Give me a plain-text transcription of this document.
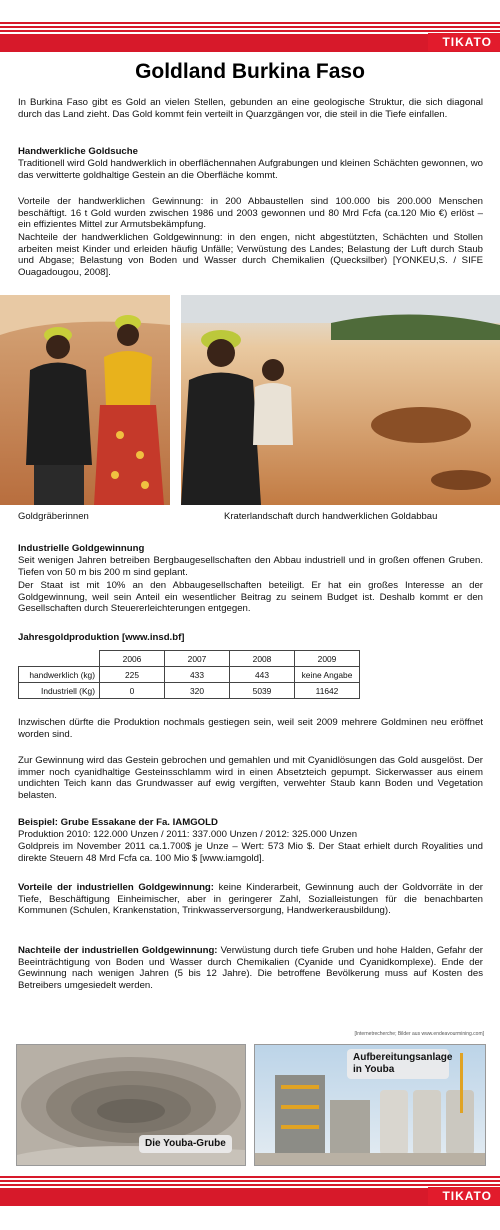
TIKATO
Goldland Burkina Faso

In Burkina Faso gibt es Gold an vielen Stellen, gebunden an eine geologische Struktur, die sich diagonal durch das Land zieht. Das Gold kommt fein verteilt in Quarzgängen vor, die steil in die Tiefe einfallen.

Handwerkliche Goldsuche

Traditionell wird Gold handwerklich in oberflächennahen Aufgrabungen und kleinen Schächten gewonnen, wo das verwitterte goldhaltige Gestein an die Oberfläche kommt.

Vorteile der handwerklichen Gewinnung: in 200 Abbaustellen sind 100.000 bis 200.000 Menschen beschäftigt. 16 t Gold wurden zwischen 1986 und 2003 gewonnen und 80 Mrd Fcfa (ca.120 Mio €) erlöst – ein effizientes Mittel zur Armutsbekämpfung.

Nachteile der handwerklichen Goldgewinnung: in den engen, nicht abgestützten, Schächten und Stollen arbeiten meist Kinder und erleiden häufig Unfälle; Verwüstung des Landes; Belastung der Luft durch Staub und Abgase; Belastung von Boden und Wasser durch Chemikalien (Quecksilber) [YONKEU,S. / SIFE Ouagadougou, 2008].

Goldgräberinnen	Kraterlandschaft durch handwerklichen Goldabbau
Industrielle Goldgewinnung

Seit wenigen Jahren betreiben Bergbaugesellschaften den Abbau industriell und in großen offenen Gruben. Tiefen von 50 m bis 200 m sind geplant.

Der Staat ist mit 10% an den Abbaugesellschaften beteiligt. Er hat ein großes Interesse an der Goldgewinnung, weil sein Anteil ein wesentlicher Beitrag zu seinem Budget ist. Deshalb kommt er den Gesellschaften durch Steuererleichterungen entgegen.

Jahresgoldproduktion [www.insd.bf]
	2006	2007	2008	2009
handwerklich (kg)	225	433	443	keine Angabe
Industriell (Kg)	0	320	5039	11642

Inzwischen dürfte die Produktion nochmals gestiegen sein, weil seit 2009 mehrere Goldminen neu eröffnet worden sind.

Zur Gewinnung wird das Gestein gebrochen und gemahlen und mit Cyanidlösungen das Gold ausgelöst. Der immer noch cyanidhaltige Gesteinsschlamm wird in einen Absetzteich gepumpt. Sickerwasser aus einem undichten Teich kann das Grundwasser auf ewig vergiften, verwehter Staub kann Boden und Vegetation belasten.

Beispiel: Grube Essakane der Fa. IAMGOLD

Produktion 2010: 122.000 Unzen / 2011: 337.000 Unzen / 2012: 325.000 Unzen

Goldpreis im November 2011 ca.1.700$ je Unze – Wert: 573 Mio $. Der Staat erhielt durch Royalities und direkte Steuern 48 Mrd Fcfa ca. 100 Mio $ [www.iamgold].

Vorteile der industriellen Goldgewinnung: keine Kinderarbeit, Gewinnung auch der Goldvorräte in der Tiefe, Beschäftigung Einheimischer, aber in geringerer Zahl, Sozialleistungen für die benachbarten Kommunen (Schulen, Krankenstation, Trinkwasserversorgung, Handwerkerausbildung).

Nachteile der industriellen Goldgewinnung: Verwüstung durch tiefe Gruben und hohe Halden, Gefahr der Beeinträchtigung von Boden und Wasser durch Chemikalien (Cyanide und Cyanidkomplexe). Ende der Gewinnung nach wenigen Jahren (5 bis 12 Jahre). Die betroffene Bevölkerung muss auf Kosten des Betreibers umgesiedelt werden.

[Internetrecherche; Bilder aus www.endeavourmining.com]
Die Youba-Grube
Aufbereitungsanlage in Youba
TIKATO
